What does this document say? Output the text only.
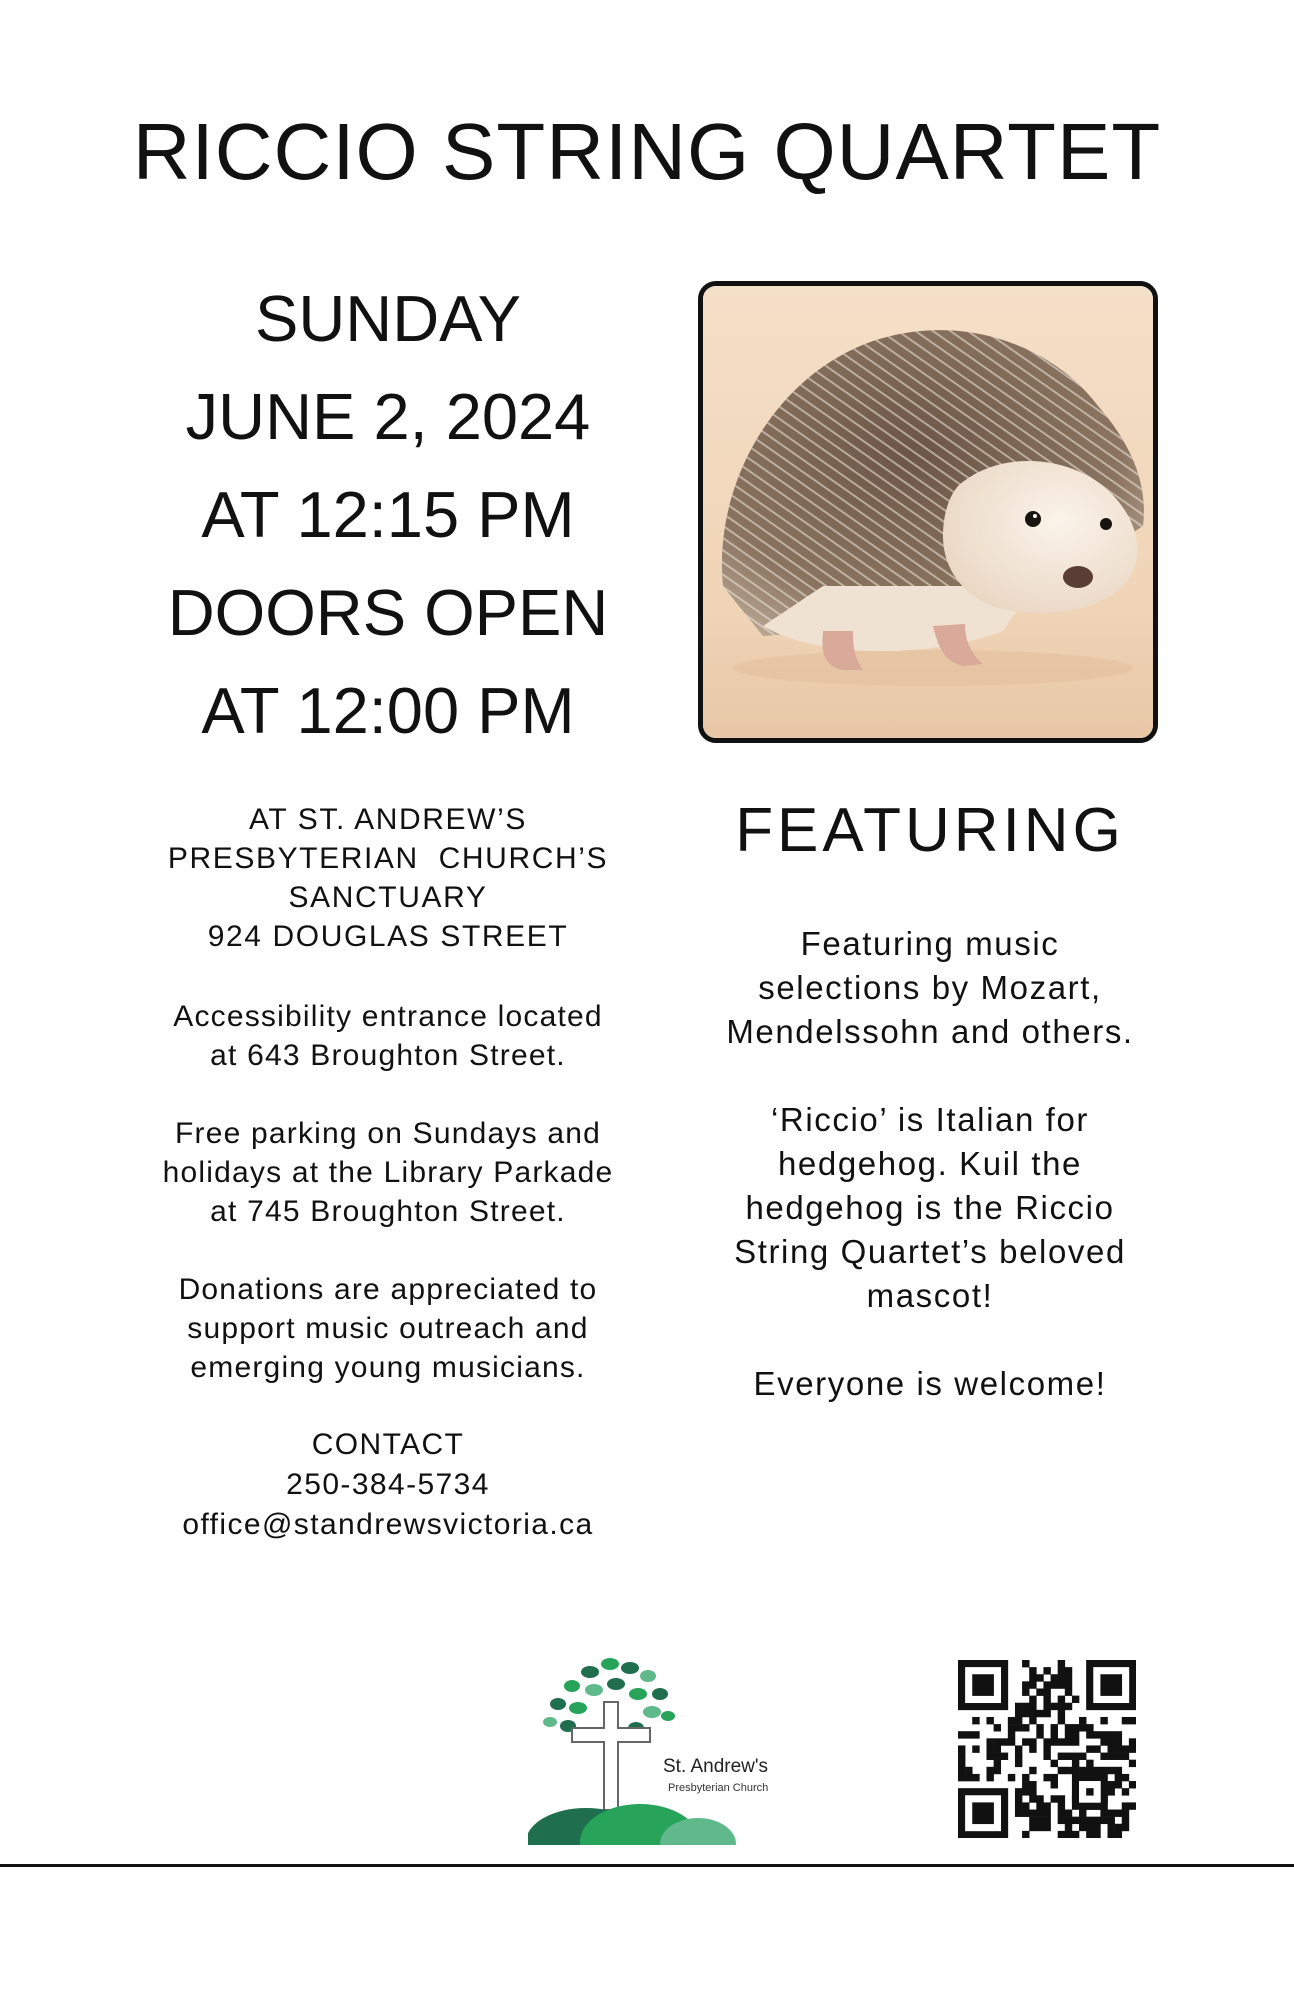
RICCIO STRING QUARTET
SUNDAY
JUNE 2, 2024
AT 12:15 PM
DOORS OPEN
AT 12:00 PM
AT ST. ANDREW’S
PRESBYTERIAN  CHURCH’S
SANCTUARY
924 DOUGLAS STREET

Accessibility entrance located
at 643 Broughton Street.

Free parking on Sundays and
holidays at the Library Parkade
at 745 Broughton Street.

Donations are appreciated to
support music outreach and
emerging young musicians.

CONTACT
250-384-5734
office@standrewsvictoria.ca
FEATURING

Featuring music
selections by Mozart,
Mendelssohn and others.

‘Riccio’ is Italian for
hedgehog. Kuil the
hedgehog is the Riccio
String Quartet’s beloved
mascot!

Everyone is welcome!

St. Andrew's
Presbyterian Church
